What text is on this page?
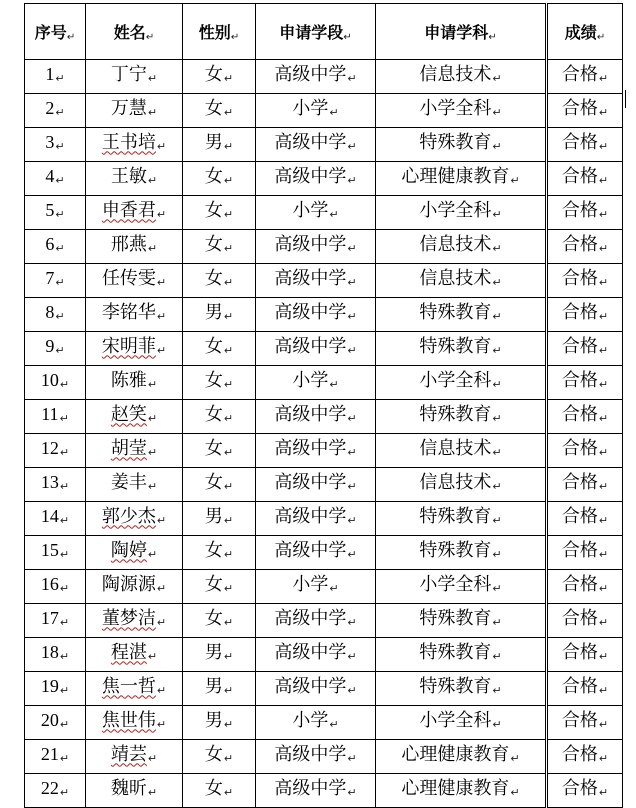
序号↵	姓名↵	性别↵	申请学段↵	申请学科↵	成绩↵
1↵	丁宁↵	女↵	高级中学↵	信息技术↵	合格↵
2↵	万慧↵	女↵	小学↵	小学全科↵	合格↵
3↵	王书培↵	男↵	高级中学↵	特殊教育↵	合格↵
4↵	王敏↵	女↵	高级中学↵	心理健康教育↵	合格↵
5↵	申香君↵	女↵	小学↵	小学全科↵	合格↵
6↵	邢燕↵	女↵	高级中学↵	信息技术↵	合格↵
7↵	任传雯↵	女↵	高级中学↵	信息技术↵	合格↵
8↵	李铭华↵	男↵	高级中学↵	特殊教育↵	合格↵
9↵	宋明菲↵	女↵	高级中学↵	特殊教育↵	合格↵
10↵	陈雅↵	女↵	小学↵	小学全科↵	合格↵
11↵	赵笑↵	女↵	高级中学↵	特殊教育↵	合格↵
12↵	胡莹↵	女↵	高级中学↵	信息技术↵	合格↵
13↵	姜丰↵	女↵	高级中学↵	信息技术↵	合格↵
14↵	郭少杰↵	男↵	高级中学↵	特殊教育↵	合格↵
15↵	陶婷↵	女↵	高级中学↵	特殊教育↵	合格↵
16↵	陶源源↵	女↵	小学↵	小学全科↵	合格↵
17↵	董梦洁↵	女↵	高级中学↵	特殊教育↵	合格↵
18↵	程湛↵	男↵	高级中学↵	特殊教育↵	合格↵
19↵	焦一哲↵	男↵	高级中学↵	特殊教育↵	合格↵
20↵	焦世伟↵	男↵	小学↵	小学全科↵	合格↵
21↵	靖芸↵	女↵	高级中学↵	心理健康教育↵	合格↵
22↵	魏昕↵	女↵	高级中学↵	心理健康教育↵	合格↵
